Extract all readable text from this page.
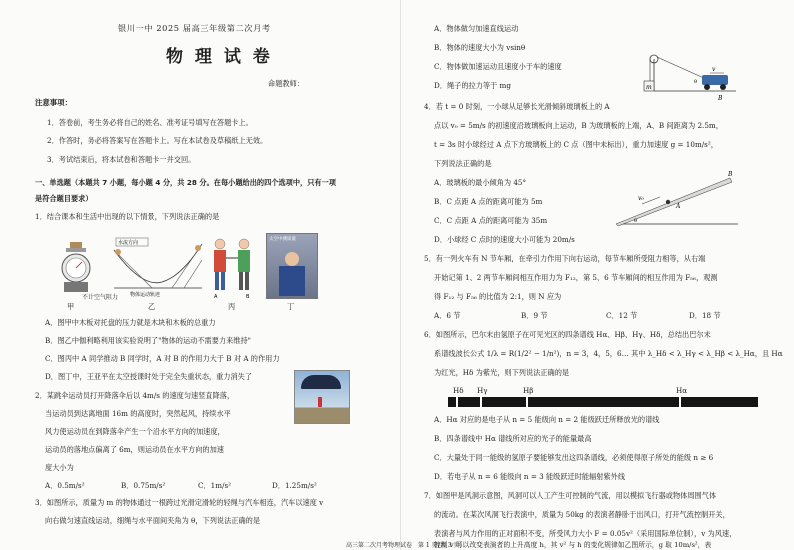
银川一中 2025 届高三年级第二次月考
物 理 试 卷
命题教师：
注意事项：
1．答卷前，考生务必将自己的姓名、准考证号填写在答题卡上。
2．作答时，务必将答案写在答题卡上。写在本试卷及草稿纸上无效。
3．考试结束后，将本试卷和答题卡一并交回。
一、单选题（本题共 7 小题，每小题 4 分，共 28 分。在每小题给出的四个选项中，只有一项
是符合题目要求）
1．结合课本和生活中出现的以下情景，下列说法正确的是
水流方向
物体运动轨迹	A	B
太空中测质量
不计空气阻力
甲	乙	丙	丁
A．图甲中木板对托盘的压力就是木块和木板的总重力
B．图乙中伽利略利用该实验说明了"物体的运动不需要力来维持"
C．图丙中 A 同学推动 B 同学时，A 对 B 的作用力大于 B 对 A 的作用力
D．图丁中，王亚平在太空授课时处于完全失重状态，重力消失了
2．某跳伞运动员打开降落伞后以 4m/s 的速度匀速竖直降落，
当运动员到达离地面 16m 的高度时，突然起风，持续水平
风力使运动员在到降落伞产生一个沿水平方向的加速度，
运动员的落地点偏离了 6m，则运动员在水平方向的加速
度大小为
A．0.5m/s²	B．0.75m/s²	C．1m/s²	D．1.25m/s²
3．如图所示，质量为 m 的物体通过一根跨过光滑定滑轮的轻绳与汽车相连，汽车以速度 v
向右做匀速直线运动，细绳与水平面间夹角为 θ，下列说法正确的是
A．物体做匀加速直线运动
B．物体的速度大小为 vsinθ
C．物体做加速运动且速度小于车的速度
D．绳子的拉力等于 mg	m
v
θ
B
4．若 t = 0 时刻，一小球从足够长光滑倾斜玻璃板上的 A
点以 v₀ = 5m/s 的初速度沿玻璃板向上运动，B 为玻璃板的上端，A、B 间距离为 2.5m，
t = 3s 时小球经过 A 点下方玻璃板上的 C 点（图中未标出），重力加速度 g = 10m/s²，
下列说法正确的是
A．玻璃板的最小倾角为 45°
B．C 点距 A 点的距离可能为 5m
C．C 点距 A 点的距离可能为 35m
D．小球经 C 点时的速度大小可能为 20m/s
v₀
A
B
θ
5．有一列火车有 N 节车厢，在牵引力作用下向右运动，每节车厢所受阻力相等，从右端
开始记第 1、2 两节车厢间相互作用力为 F₁₂，第 5、6 节车厢间的相互作用为 F₅₆，观测
得 F₁₂ 与 F₅₆ 的比值为 2:1，则 N 应为
A．6 节	B．9 节	C．12 节	D．18 节
6．如图所示，巴尔末由氢原子在可见光区的四条谱线 Hα、Hβ、Hγ、Hδ，总结出巴尔末
系谱线波长公式 1/λ = R(1/2² − 1/n²)，n = 3，4，5，6… 其中 λ_Hδ < λ_Hγ < λ_Hβ < λ_Hα，且 Hα
为红光，Hδ 为紫光，则下列说法正确的是
Hδ Hγ	Hβ	Hα
A．Hα 对应的是电子从 n = 5 能级向 n = 2 能级跃迁所释放光的谱线
B．四条谱线中 Hα 谱线所对应的光子的能量最高
C．大量处于同一能级的氢原子要能够发出这四条谱线，必须使得原子所处的能级 n ≥ 6
D．若电子从 n = 6 能级向 n = 3 能级跃迁时能辐射紫外线
7．如图甲是风洞示意图，风洞可以人工产生可控制的气流，用以模拟飞行器或物体周围气体
的流动。在某次风洞飞行表演中，质量为 50kg 的表演者静卧于出风口，打开气流控制开关，
表演者与风力作用的正对面积不变，所受风力大小 F = 0.05v²（采用国际单位制），v 为风速，
控制 v 可以改变表演者的上升高度 h，其 v² 与 h 的变化规律如乙图所示，g 取 10m/s²，表
高三第二次月考物理试卷　第 1 页(共 3 页)
